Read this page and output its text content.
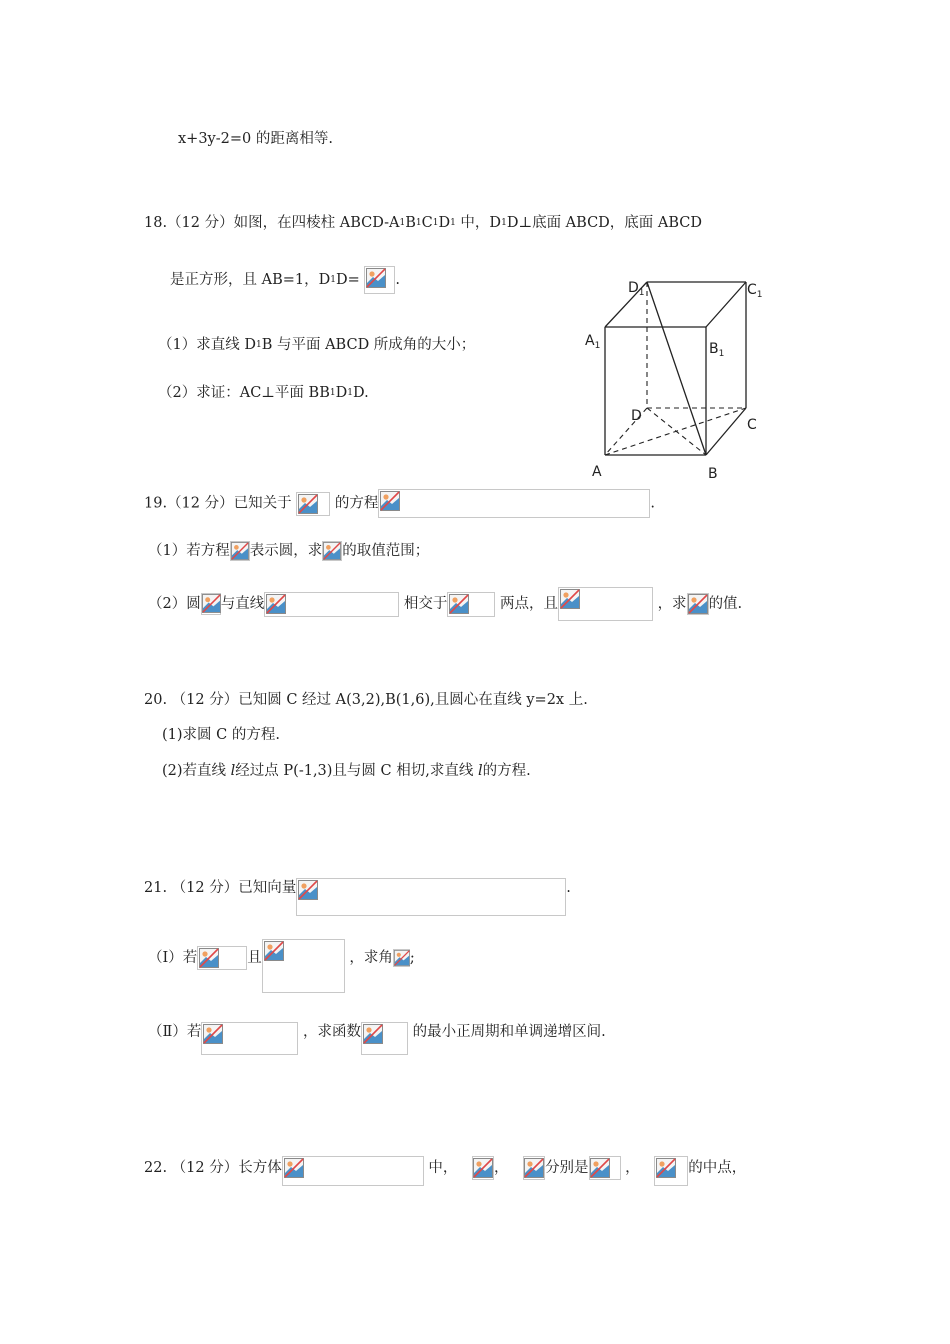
x+3y-2=0 的距离相等.
18.（12 分）如图，在四棱柱 ABCD-A1B1C1D1 中，D1D⊥底面 ABCD，底面 ABCD
是正方形，且 AB=1，D1D= .
（1）求直线 D1B 与平面 ABCD 所成角的大小；
（2）求证：AC⊥平面 BB1D1D.
$D_1$	$C_1$
$A_1$	$B_1$
D
C
A	B
19.（12 分）已知关于	的方程	.
（1）若方程 表示圆，求 的取值范围；
（2）圆 与直线	相交于	两点，且	，求 的值.
20. （12 分）已知圆 C 经过 A(3,2),B(1,6),且圆心在直线 y=2x 上.
(1)求圆 C 的方程.
(2)若直线 l经过点 P(-1,3)且与圆 C 相切,求直线 l的方程.
21. （12 分）已知向量	.
（Ⅰ）若	且	，求角 ;
（Ⅱ）若	，求函数	的最小正周期和单调递增区间.
22. （12 分）长方体	中，	，	分别是	，	的中点，
